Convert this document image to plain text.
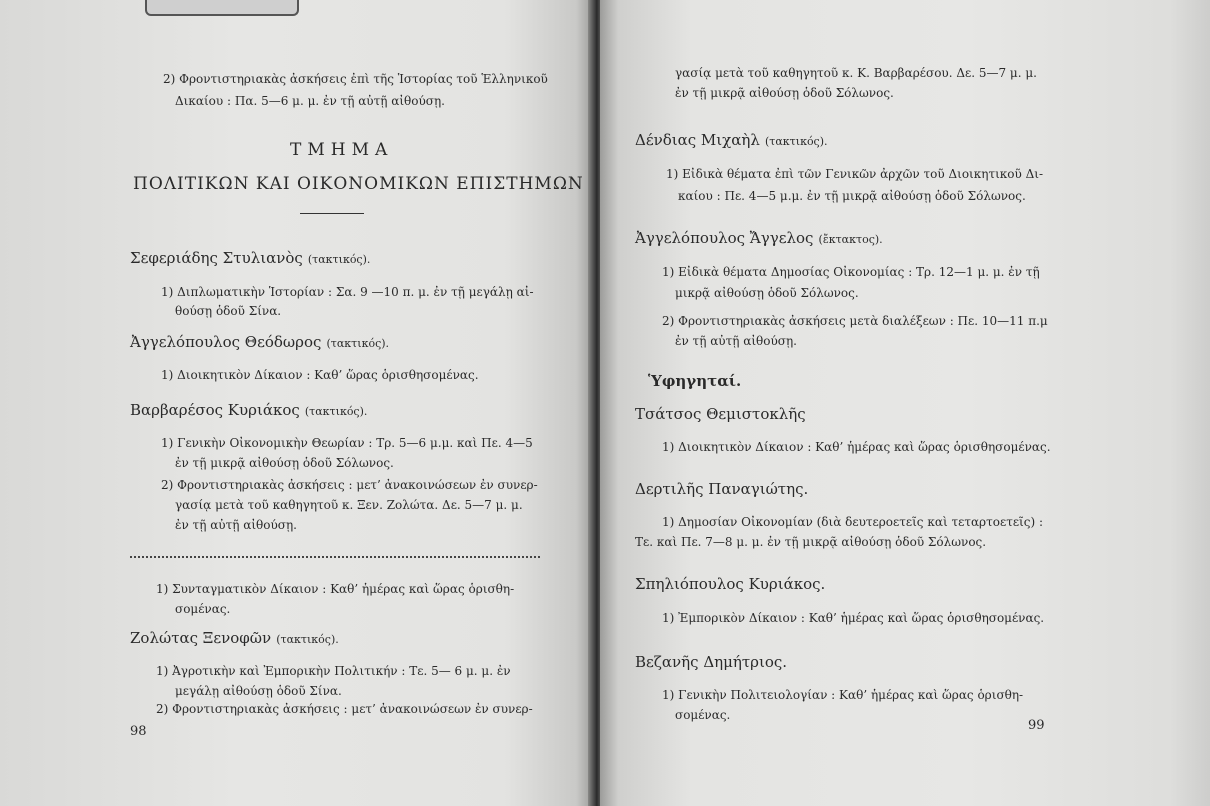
2) Φροντιστηριακὰς ἀσκήσεις ἐπὶ τῆς Ἱστορίας τοῦ Ἑλληνικοῦ
Δικαίου : Πα. 5—6 μ. μ. ἐν τῇ αὐτῇ αἰθούσῃ.
ΤΜΗΜΑ
ΠΟΛΙΤΙΚΩΝ ΚΑΙ ΟΙΚΟΝΟΜΙΚΩΝ ΕΠΙΣΤΗΜΩΝ
Σεφεριάδης Στυλιανὸς (τακτικός).
1) Διπλωματικὴν Ἱστορίαν : Σα. 9 —10 π. μ. ἐν τῇ μεγάλῃ αἰ-
θούσῃ ὁδοῦ Σίνα.
Ἀγγελόπουλος Θεόδωρος (τακτικός).
1) Διοικητικὸν Δίκαιον : Καθ’ ὥρας ὁρισθησομένας.
Βαρβαρέσος Κυριάκος (τακτικός).
1) Γενικὴν Οἰκονομικὴν Θεωρίαν : Τρ. 5—6 μ.μ. καὶ Πε. 4—5
ἐν τῇ μικρᾷ αἰθούσῃ ὁδοῦ Σόλωνος.
2) Φροντιστηριακὰς ἀσκήσεις : μετ’ ἀνακοινώσεων ἐν συνερ-
γασίᾳ μετὰ τοῦ καθηγητοῦ κ. Ξεν. Ζολώτα. Δε. 5—7 μ. μ.
ἐν τῇ αὐτῇ αἰθούσῃ.
1) Συνταγματικὸν Δίκαιον : Καθ’ ἡμέρας καὶ ὥρας ὁρισθη-
σομένας.
Ζολώτας Ξενοφῶν (τακτικός).
1) Ἀγροτικὴν καὶ Ἐμπορικὴν Πολιτικήν : Τε. 5— 6 μ. μ. ἐν
μεγάλῃ αἰθούσῃ ὁδοῦ Σίνα.
2) Φροντιστηριακὰς ἀσκήσεις : μετ’ ἀνακοινώσεων ἐν συνερ-
98
γασίᾳ μετὰ τοῦ καθηγητοῦ κ. Κ. Βαρβαρέσου. Δε. 5—7 μ. μ.
ἐν τῇ μικρᾷ αἰθούσῃ ὁδοῦ Σόλωνος.
Δένδιας Μιχαὴλ (τακτικός).
1) Εἰδικὰ θέματα ἐπὶ τῶν Γενικῶν ἀρχῶν τοῦ Διοικητικοῦ Δι-
καίου : Πε. 4—5 μ.μ. ἐν τῇ μικρᾷ αἰθούσῃ ὁδοῦ Σόλωνος.
Ἀγγελόπουλος Ἄγγελος (ἔκτακτος).
1) Εἰδικὰ θέματα Δημοσίας Οἰκονομίας : Τρ. 12—1 μ. μ. ἐν τῇ
μικρᾷ αἰθούσῃ ὁδοῦ Σόλωνος.
2) Φροντιστηριακὰς ἀσκήσεις μετὰ διαλέξεων : Πε. 10—11 π.μ
ἐν τῇ αὐτῇ αἰθούσῃ.
Ὑφηγηταί.
Τσάτσος Θεμιστοκλῆς
1) Διοικητικὸν Δίκαιον : Καθ’ ἡμέρας καὶ ὥρας ὁρισθησομένας.
Δερτιλῆς Παναγιώτης.
1) Δημοσίαν Οἰκονομίαν (διὰ δευτεροετεῖς καὶ τεταρτοετεῖς) :
Τε. καὶ Πε. 7—8 μ. μ. ἐν τῇ μικρᾷ αἰθούσῃ ὁδοῦ Σόλωνος.
Σπηλιόπουλος Κυριάκος.
1) Ἐμπορικὸν Δίκαιον : Καθ’ ἡμέρας καὶ ὥρας ὁρισθησομένας.
Βεζανῆς Δημήτριος.
1) Γενικὴν Πολιτειολογίαν : Καθ’ ἡμέρας καὶ ὥρας ὁρισθη-
σομένας.
99
